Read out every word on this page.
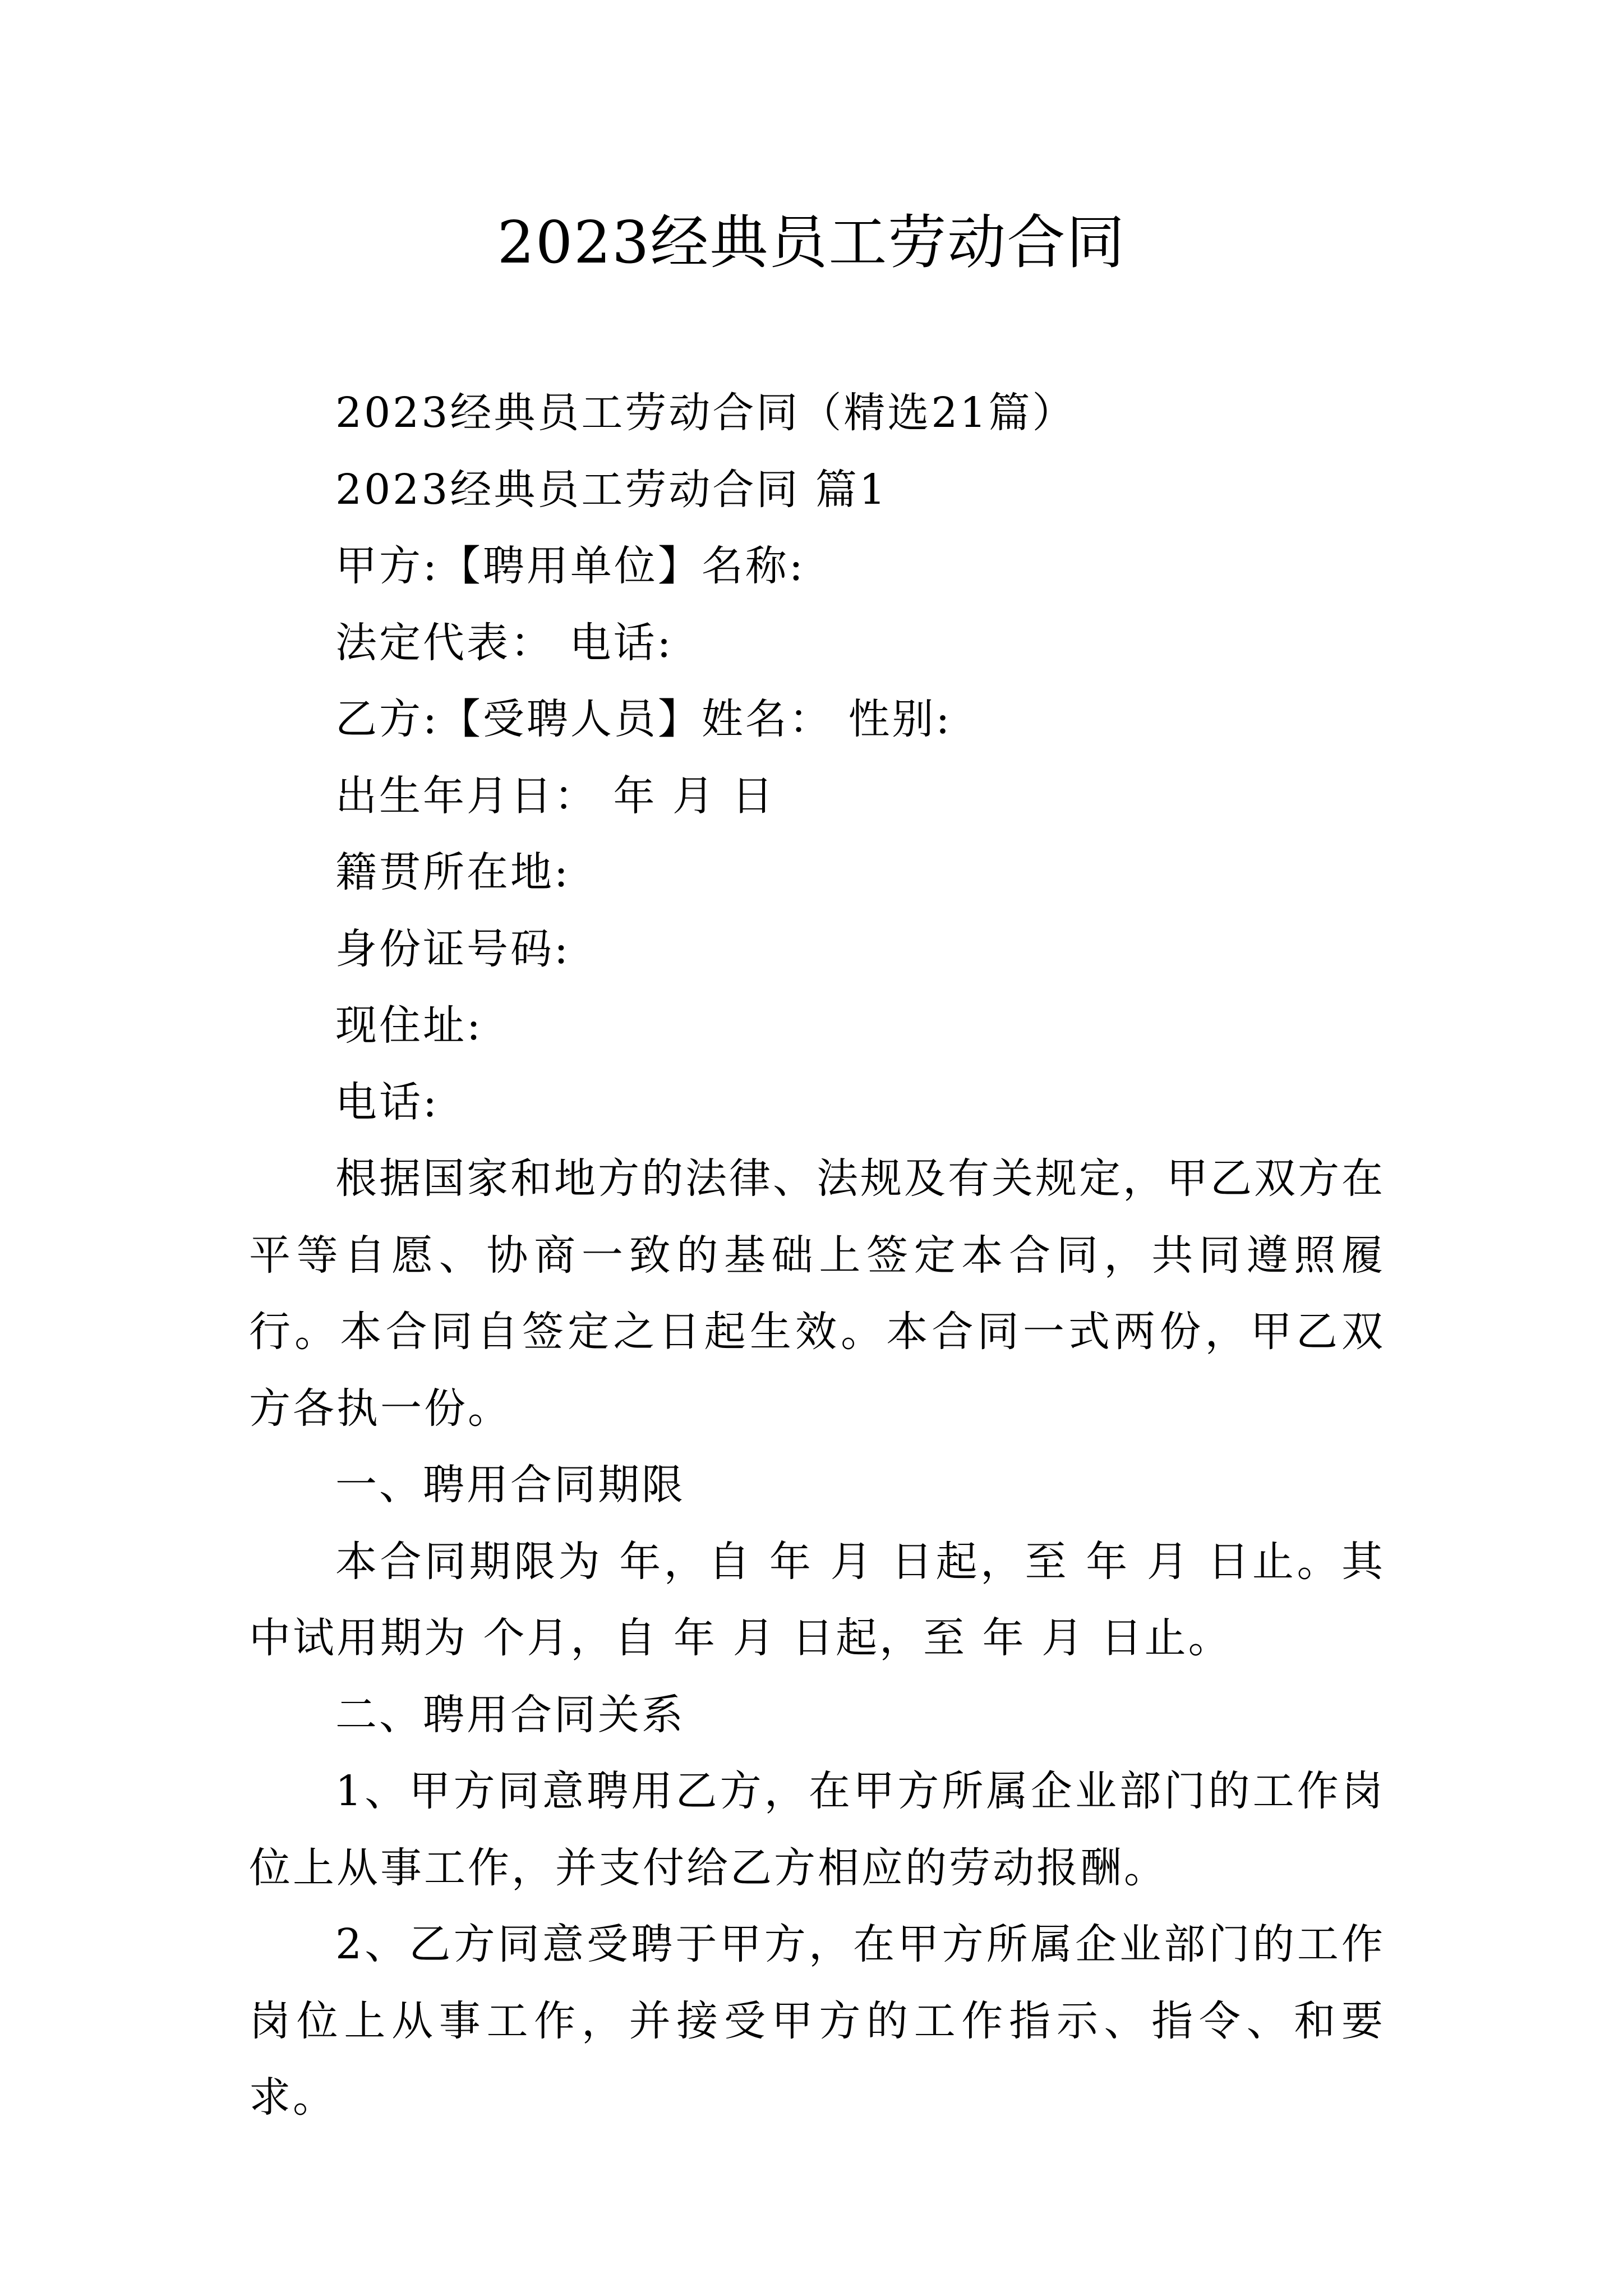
2023经典员工劳动合同

2023经典员工劳动合同（精选21篇）

2023经典员工劳动合同 篇1

甲方:【聘用单位】名称:

法定代表： 电话:

乙方:【受聘人员】姓名： 性别:

出生年月日： 年 月 日

籍贯所在地:

身份证号码:

现住址:

电话:

根据国家和地方的法律、法规及有关规定，甲乙双方在平等自愿、协商一致的基础上签定本合同，共同遵照履行。本合同自签定之日起生效。本合同一式两份，甲乙双方各执一份。

一、聘用合同期限

本合同期限为 年，自 年 月 日起，至 年 月 日止。其中试用期为 个月，自 年 月 日起，至 年 月 日止。

二、聘用合同关系

1、甲方同意聘用乙方，在甲方所属企业部门的工作岗位上从事工作，并支付给乙方相应的劳动报酬。

2、乙方同意受聘于甲方，在甲方所属企业部门的工作岗位上从事工作，并接受甲方的工作指示、指令、和要求。
